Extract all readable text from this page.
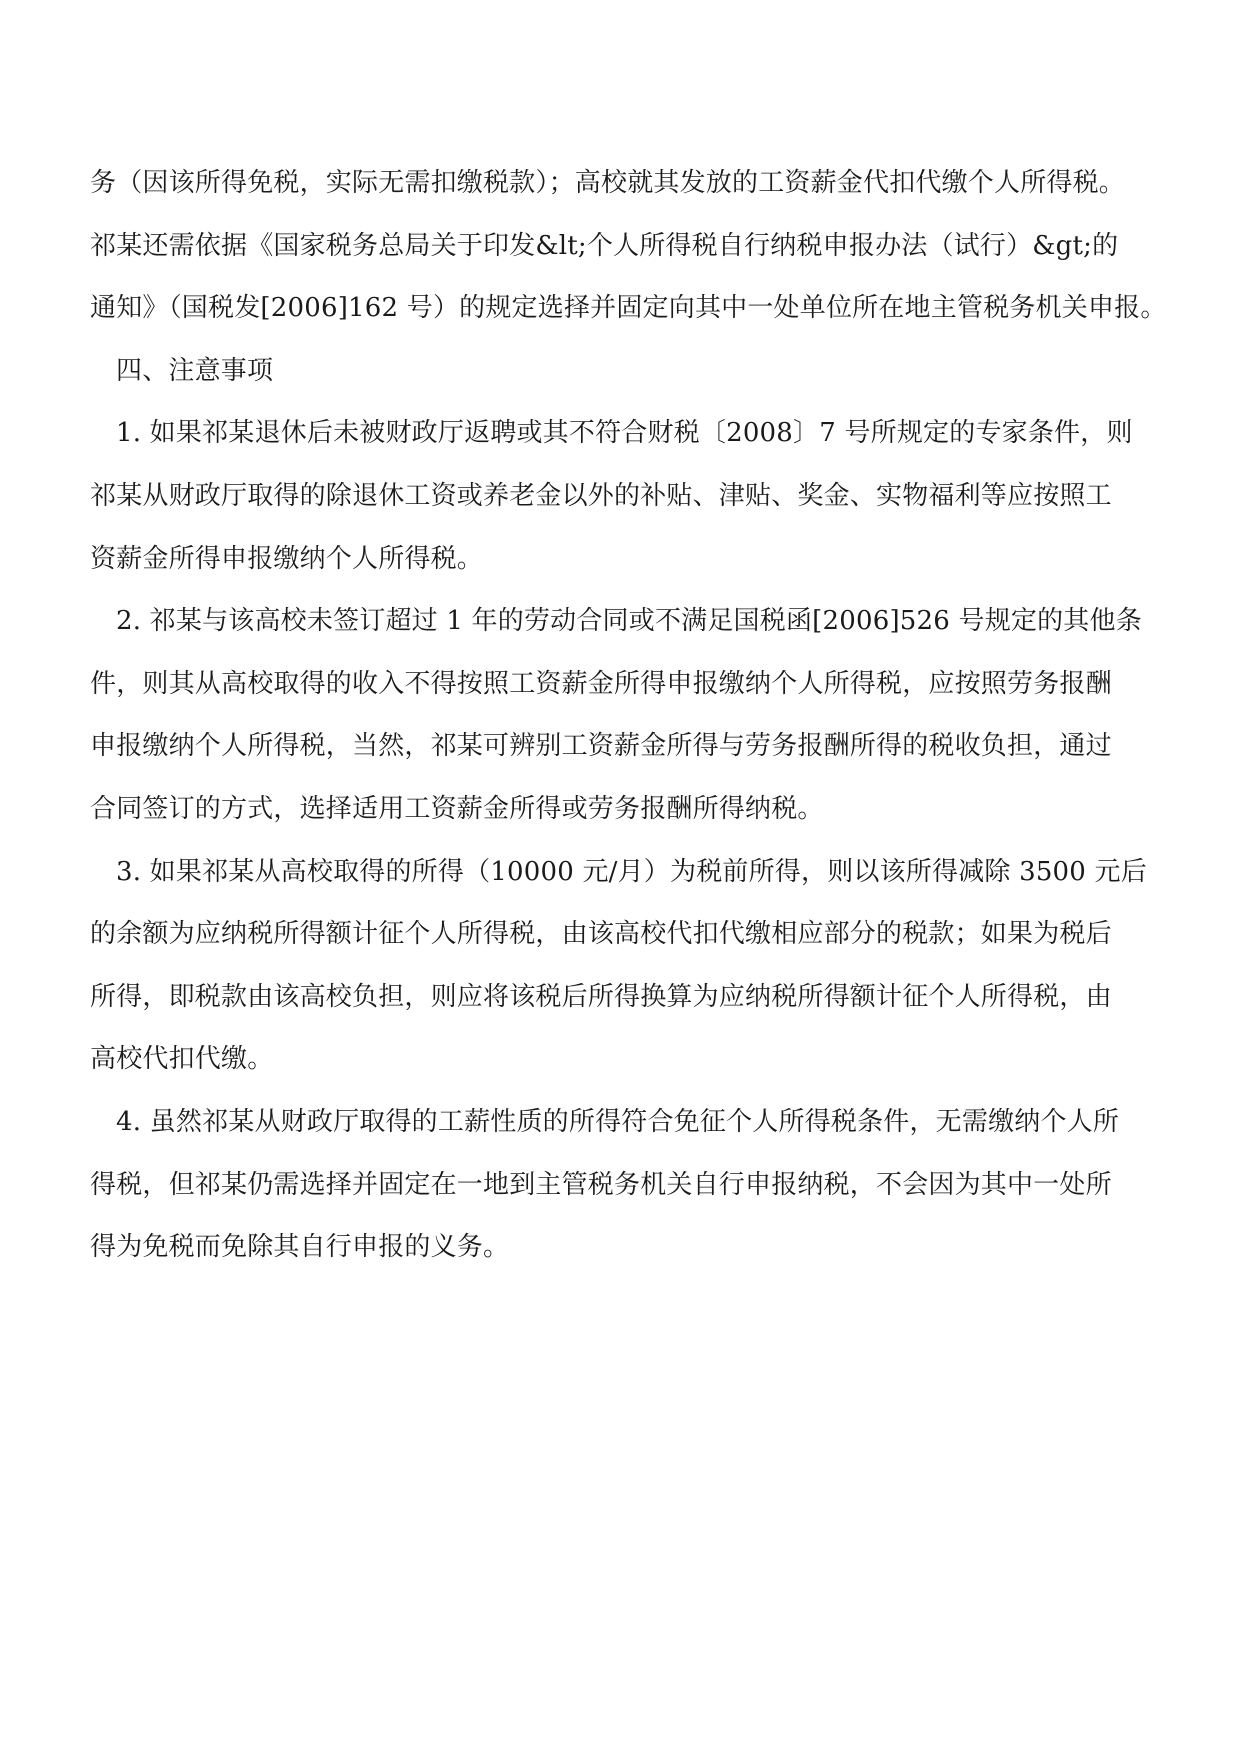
务（因该所得免税，实际无需扣缴税款）；高校就其发放的工资薪金代扣代缴个人所得税。
祁某还需依据《国家税务总局关于印发&lt;个人所得税自行纳税申报办法（试行）&gt;的
通知》（国税发[2006]162 号）的规定选择并固定向其中一处单位所在地主管税务机关申报。
四、注意事项
1. 如果祁某退休后未被财政厅返聘或其不符合财税〔2008〕7 号所规定的专家条件，则
祁某从财政厅取得的除退休工资或养老金以外的补贴、津贴、奖金、实物福利等应按照工
资薪金所得申报缴纳个人所得税。
2. 祁某与该高校未签订超过 1 年的劳动合同或不满足国税函[2006]526 号规定的其他条
件，则其从高校取得的收入不得按照工资薪金所得申报缴纳个人所得税，应按照劳务报酬
申报缴纳个人所得税，当然，祁某可辨别工资薪金所得与劳务报酬所得的税收负担，通过
合同签订的方式，选择适用工资薪金所得或劳务报酬所得纳税。
3. 如果祁某从高校取得的所得（10000 元/月）为税前所得，则以该所得减除 3500 元后
的余额为应纳税所得额计征个人所得税，由该高校代扣代缴相应部分的税款；如果为税后
所得，即税款由该高校负担，则应将该税后所得换算为应纳税所得额计征个人所得税，由
高校代扣代缴。
4. 虽然祁某从财政厅取得的工薪性质的所得符合免征个人所得税条件，无需缴纳个人所
得税，但祁某仍需选择并固定在一地到主管税务机关自行申报纳税，不会因为其中一处所
得为免税而免除其自行申报的义务。
